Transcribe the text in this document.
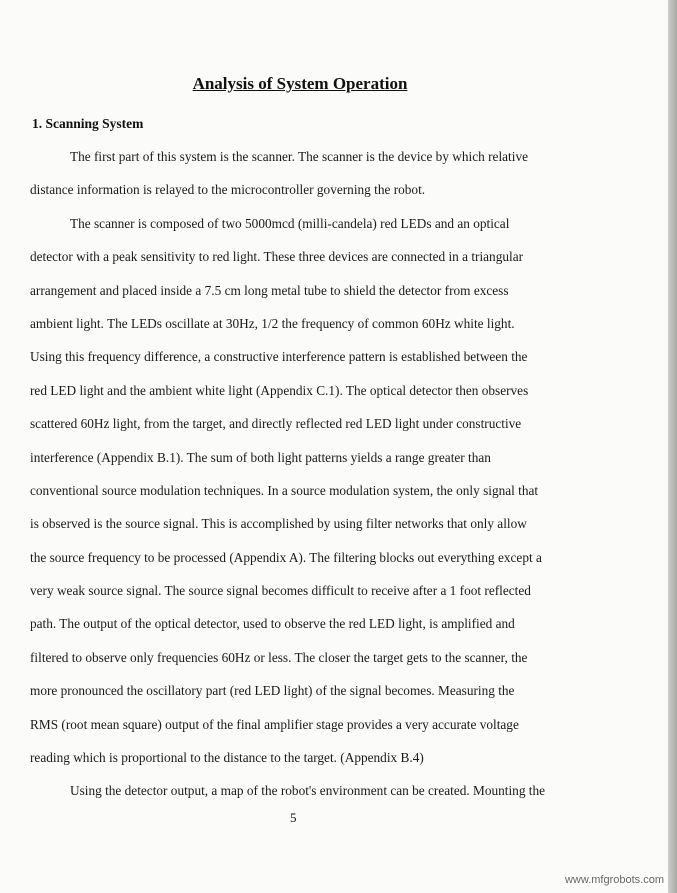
Analysis of System Operation
1. Scanning System
The first part of this system is the scanner. The scanner is the device by which relative
distance information is relayed to the microcontroller governing the robot.
The scanner is composed of two 5000mcd (milli-candela) red LEDs and an optical
detector with a peak sensitivity to red light. These three devices are connected in a triangular
arrangement and placed inside a 7.5 cm long metal tube to shield the detector from excess
ambient light. The LEDs oscillate at 30Hz, 1/2 the frequency of common 60Hz white light.
Using this frequency difference, a constructive interference pattern is established between the
red LED light and the ambient white light (Appendix C.1). The optical detector then observes
scattered 60Hz light, from the target, and directly reflected red LED light under constructive
interference (Appendix B.1). The sum of both light patterns yields a range greater than
conventional source modulation techniques. In a source modulation system, the only signal that
is observed is the source signal. This is accomplished by using filter networks that only allow
the source frequency to be processed (Appendix A). The filtering blocks out everything except a
very weak source signal. The source signal becomes difficult to receive after a 1 foot reflected
path. The output of the optical detector, used to observe the red LED light, is amplified and
filtered to observe only frequencies 60Hz or less. The closer the target gets to the scanner, the
more pronounced the oscillatory part (red LED light) of the signal becomes. Measuring the
RMS (root mean square) output of the final amplifier stage provides a very accurate voltage
reading which is proportional to the distance to the target. (Appendix B.4)
Using the detector output, a map of the robot's environment can be created. Mounting the
5
www.mfgrobots.com
